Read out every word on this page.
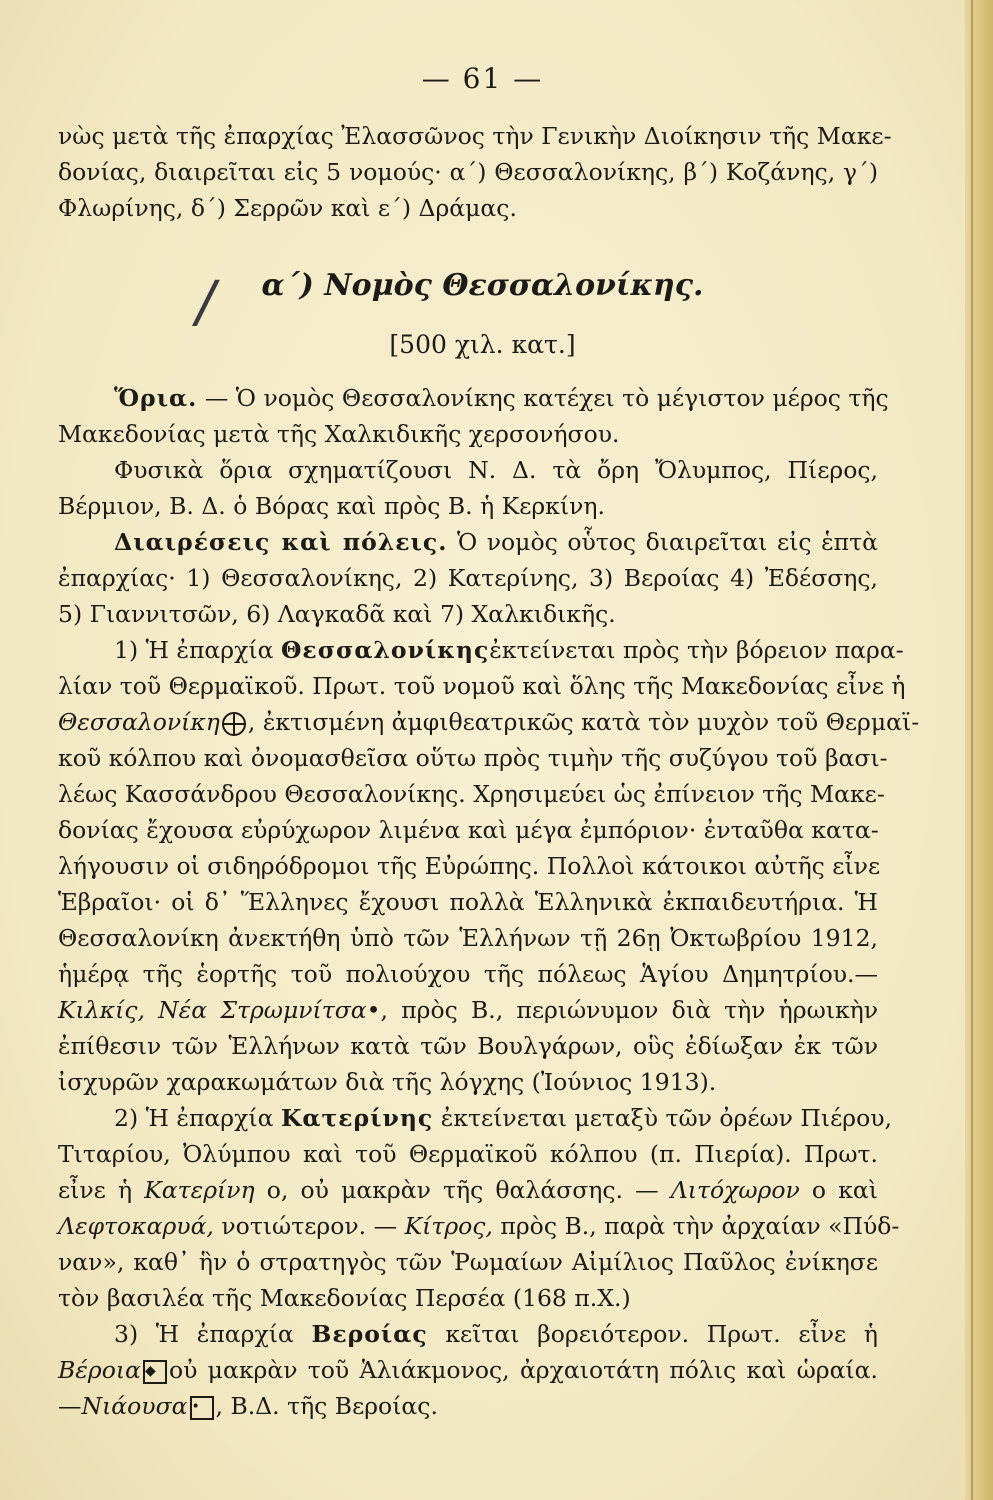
— 61 —
νὼς μετὰ τῆς ἐπαρχίας Ἐλασσῶνος τὴν Γενικὴν Διοίκησιν τῆς Μακε-
δονίας, διαιρεῖται εἰς 5 νομούς· α΄) Θεσσαλονίκης, β΄) Κοζάνης, γ΄)
Φλωρίνης, δ΄) Σερρῶν καὶ ε΄) Δράμας.
/	α΄) Νομὸς Θεσσαλονίκης.
[500 χιλ. κατ.]
Ὅρια. — Ὁ νομὸς Θεσσαλονίκης κατέχει τὸ μέγιστον μέρος τῆς
Μακεδονίας μετὰ τῆς Χαλκιδικῆς χερσονήσου.
Φυσικὰ ὅρια σχηματίζουσι Ν. Δ. τὰ ὄρη Ὄλυμπος, Πίερος,
Βέρμιον, Β. Δ. ὁ Βόρας καὶ πρὸς Β. ἡ Κερκίνη.
Διαιρέσεις καὶ πόλεις. Ὁ νομὸς οὗτος διαιρεῖται εἰς ἑπτὰ
ἐπαρχίας· 1) Θεσσαλονίκης, 2) Κατερίνης, 3) Βεροίας 4) Ἐδέσσης,
5) Γιαννιτσῶν, 6) Λαγκαδᾶ καὶ 7) Χαλκιδικῆς.
1) Ἡ ἐπαρχία Θεσσαλονίκηςἐκτείνεται πρὸς τὴν βόρειον παρα-
λίαν τοῦ Θερμαϊκοῦ. Πρωτ. τοῦ νομοῦ καὶ ὅλης τῆς Μακεδονίας εἶνε ἡ
Θεσσαλονίκη , ἐκτισμένη ἀμφιθεατρικῶς κατὰ τὸν μυχὸν τοῦ Θερμαϊ-
κοῦ κόλπου καὶ ὀνομασθεῖσα οὕτω πρὸς τιμὴν τῆς συζύγου τοῦ βασι-
λέως Κασσάνδρου Θεσσαλονίκης. Χρησιμεύει ὡς ἐπίνειον τῆς Μακε-
δονίας ἔχουσα εὐρύχωρον λιμένα καὶ μέγα ἐμπόριον· ἐνταῦθα κατα-
λήγουσιν οἱ σιδηρόδρομοι τῆς Εὐρώπης. Πολλοὶ κάτοικοι αὐτῆς εἶνε
Ἑβραῖοι· οἱ δ᾿ Ἕλληνες ἔχουσι πολλὰ Ἑλληνικὰ ἐκπαιδευτήρια. Ἡ
Θεσσαλονίκη ἀνεκτήθη ὑπὸ τῶν Ἑλλήνων τῇ 26ῃ Ὀκτωβρίου 1912,
ἡμέρᾳ τῆς ἑορτῆς τοῦ πολιούχου τῆς πόλεως Ἁγίου Δημητρίου.—
Κιλκίς, Νέα Στρωμνίτσα•, πρὸς Β., περιώνυμον διὰ τὴν ἡρωικὴν
ἐπίθεσιν τῶν Ἑλλήνων κατὰ τῶν Βουλγάρων, οὓς ἐδίωξαν ἐκ τῶν
ἰσχυρῶν χαρακωμάτων διὰ τῆς λόγχης (Ἰούνιος 1913).
2) Ἡ ἐπαρχία Κατερίνης ἐκτείνεται μεταξὺ τῶν ὀρέων Πιέρου,
Τιταρίου, Ὀλύμπου καὶ τοῦ Θερμαϊκοῦ κόλπου (π. Πιερία). Πρωτ.
εἶνε ἡ Κατερίνη ο, οὐ μακρὰν τῆς θαλάσσης. — Λιτόχωρον ο καὶ
Λεφτοκαρυά, νοτιώτερον. — Κίτρος, πρὸς Β., παρὰ τὴν ἀρχαίαν «Πύδ-
ναν», καθ᾿ ἣν ὁ στρατηγὸς τῶν Ῥωμαίων Αἰμίλιος Παῦλος ἐνίκησε
τὸν βασιλέα τῆς Μακεδονίας Περσέα (168 π.Χ.)
3) Ἡ ἐπαρχία Βεροίας κεῖται βορειότερον. Πρωτ. εἶνε ἡ
Βέροια ◆ οὐ μακρὰν τοῦ Ἁλιάκμονος, ἀρχαιοτάτη πόλις καὶ ὡραία.
—Νιάουσα • , Β.Δ. τῆς Βεροίας.
